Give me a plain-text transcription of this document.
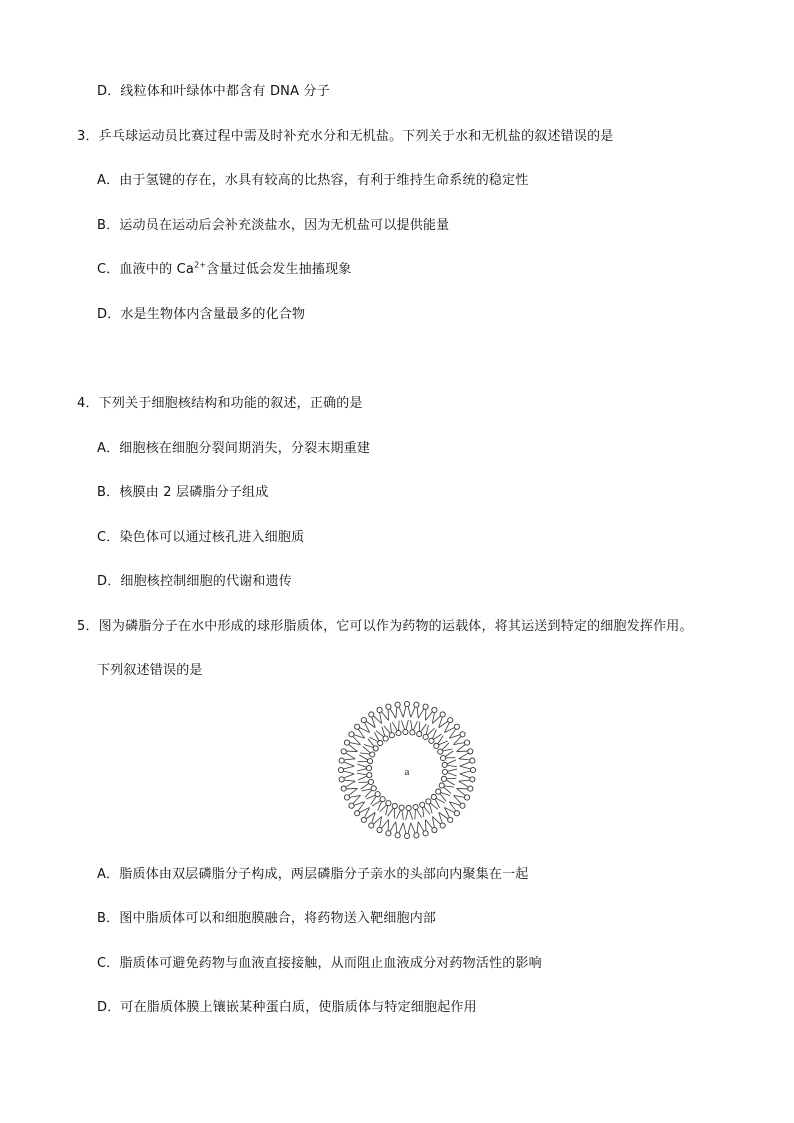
D．线粒体和叶绿体中都含有 DNA 分子
3．乒乓球运动员比赛过程中需及时补充水分和无机盐。下列关于水和无机盐的叙述错误的是
A．由于氢键的存在，水具有较高的比热容，有利于维持生命系统的稳定性
B．运动员在运动后会补充淡盐水，因为无机盐可以提供能量
C．血液中的 $Ca^{2+}$含量过低会发生抽搐现象
D．水是生物体内含量最多的化合物
4．下列关于细胞核结构和功能的叙述，正确的是
A．细胞核在细胞分裂间期消失，分裂末期重建
B．核膜由 2 层磷脂分子组成
C．染色体可以通过核孔进入细胞质
D．细胞核控制细胞的代谢和遗传
5．图为磷脂分子在水中形成的球形脂质体，它可以作为药物的运载体，将其运送到特定的细胞发挥作用。
下列叙述错误的是
a
A．脂质体由双层磷脂分子构成，两层磷脂分子亲水的头部向内聚集在一起
B．图中脂质体可以和细胞膜融合，将药物送入靶细胞内部
C．脂质体可避免药物与血液直接接触，从而阻止血液成分对药物活性的影响
D．可在脂质体膜上镶嵌某种蛋白质，使脂质体与特定细胞起作用
